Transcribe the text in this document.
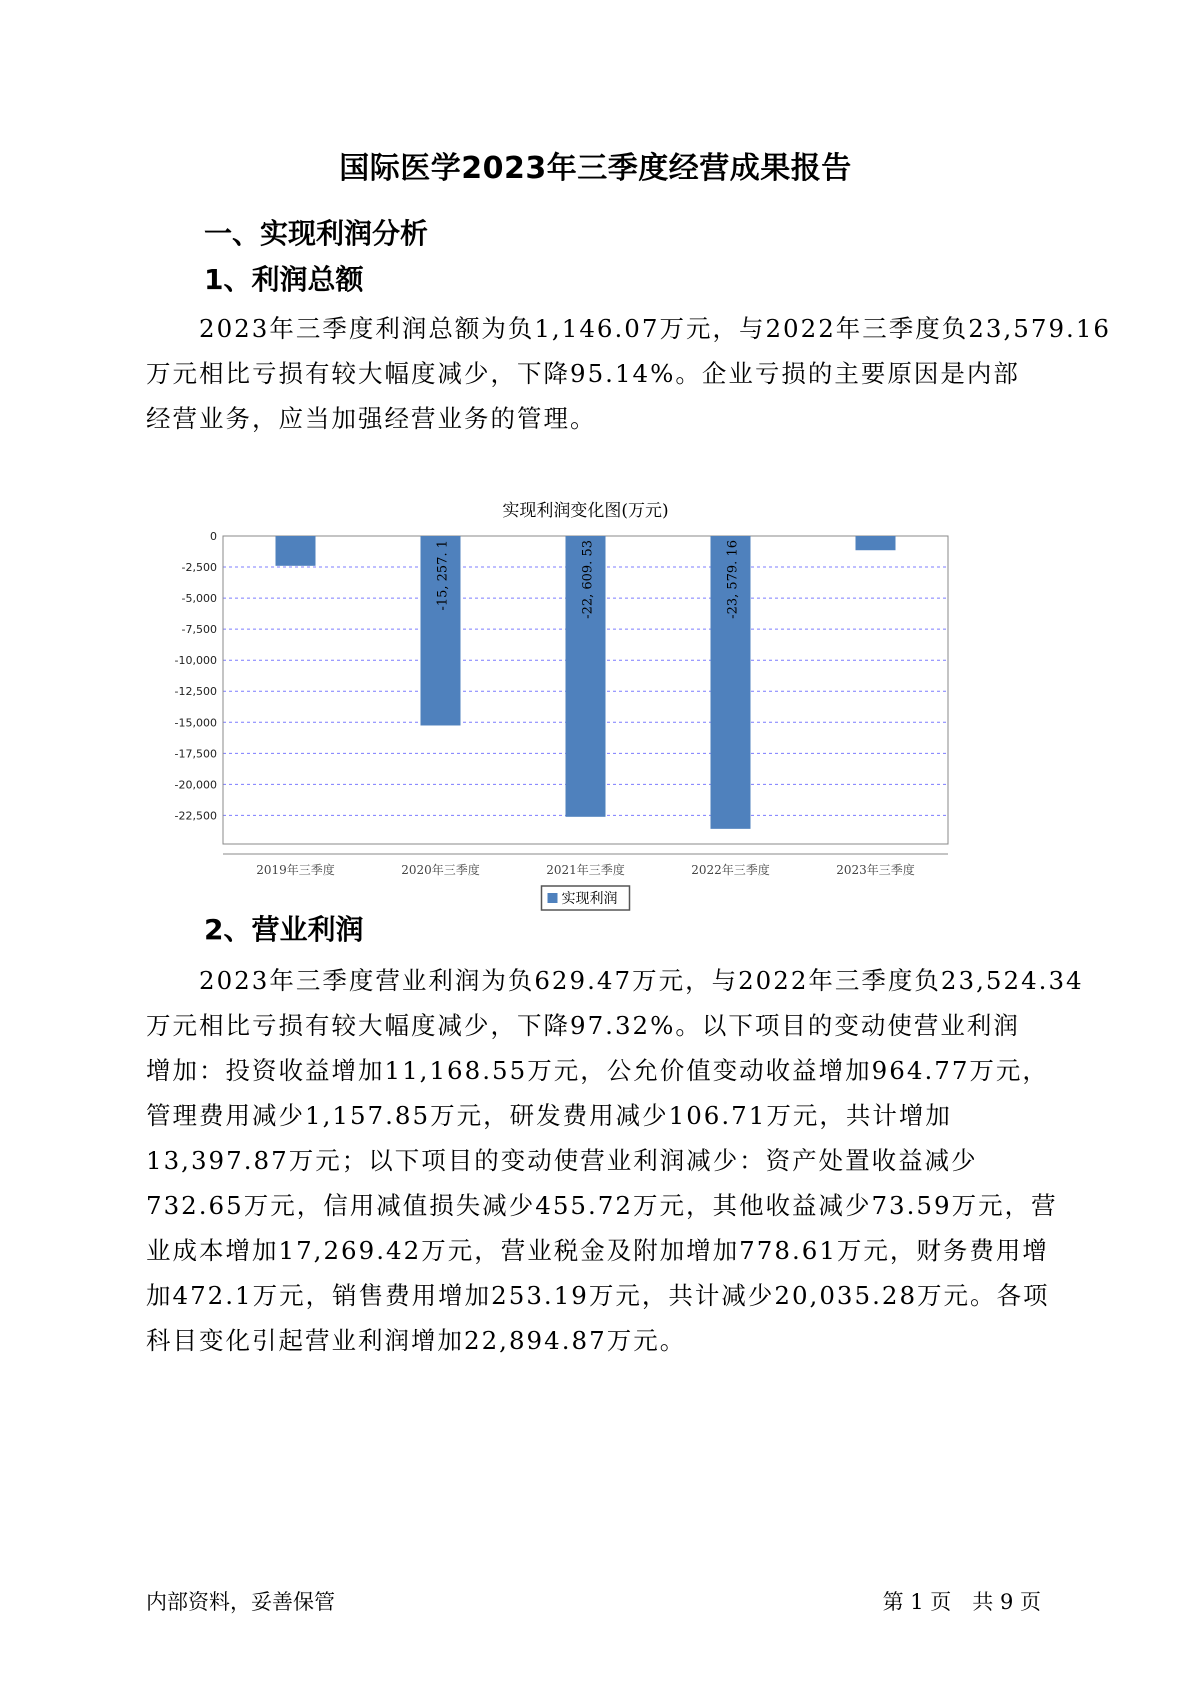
国际医学2023年三季度经营成果报告
一、实现利润分析
1、利润总额

2023年三季度利润总额为负1,146.07万元，与2022年三季度负23,579.16
万元相比亏损有较大幅度减少，下降95.14%。企业亏损的主要原因是内部
经营业务，应当加强经营业务的管理。

实现利润变化图(万元)
0
-2,500
-5,000
-7,500
-10,000
-12,500
-15,000
-17,500
-20,000
-22,500
2019年三季度
-15, 257. 1
2020年三季度
-22, 609. 53
2021年三季度
-23, 579. 16
2022年三季度	2023年三季度
实现利润
2、营业利润

2023年三季度营业利润为负629.47万元，与2022年三季度负23,524.34
万元相比亏损有较大幅度减少，下降97.32%。以下项目的变动使营业利润
增加：投资收益增加11,168.55万元，公允价值变动收益增加964.77万元，
管理费用减少1,157.85万元，研发费用减少106.71万元，共计增加
13,397.87万元；以下项目的变动使营业利润减少：资产处置收益减少
732.65万元，信用减值损失减少455.72万元，其他收益减少73.59万元，营
业成本增加17,269.42万元，营业税金及附加增加778.61万元，财务费用增
加472.1万元，销售费用增加253.19万元，共计减少20,035.28万元。各项
科目变化引起营业利润增加22,894.87万元。

内部资料，妥善保管	第 1 页　共 9 页
